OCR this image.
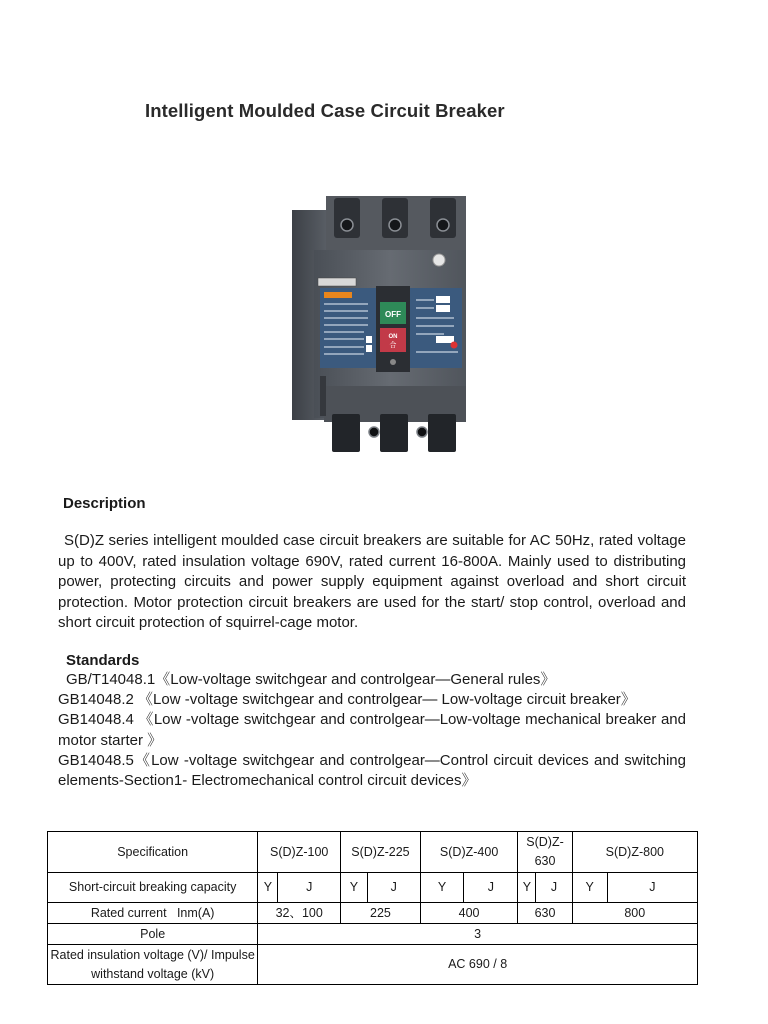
Intelligent Moulded Case Circuit Breaker
OFF
ON
合
Description

S(D)Z series intelligent moulded case circuit breakers are suitable for AC 50Hz, rated voltage up to 400V, rated insulation voltage 690V, rated current 16-800A. Mainly used to distributing power, protecting circuits and power supply equipment against overload and short circuit protection. Motor protection circuit breakers are used for the start/ stop control, overload and short circuit protection of squirrel-cage motor.

Standards

GB/T14048.1《Low-voltage switchgear and controlgear—General rules》

GB14048.2 《Low -voltage switchgear and controlgear— Low-voltage circuit breaker》

GB14048.4 《Low -voltage switchgear and controlgear—Low-voltage mechanical breaker and motor starter 》

GB14048.5《Low -voltage switchgear and controlgear—Control circuit devices and switching elements-Section1- Electromechanical control circuit devices》

Specification	S(D)Z-100		S(D)Z-225		S(D)Z-400		S(D)Z-630		S(D)Z-800	
Short-circuit breaking capacity	Y	J	Y	J	Y	J	Y	J	Y	J
Rated current   Inm(A)	32、100		225		400		630		800	
Pole	3									
Rated insulation voltage (V)/ Impulse withstand voltage (kV)	AC 690 / 8									
